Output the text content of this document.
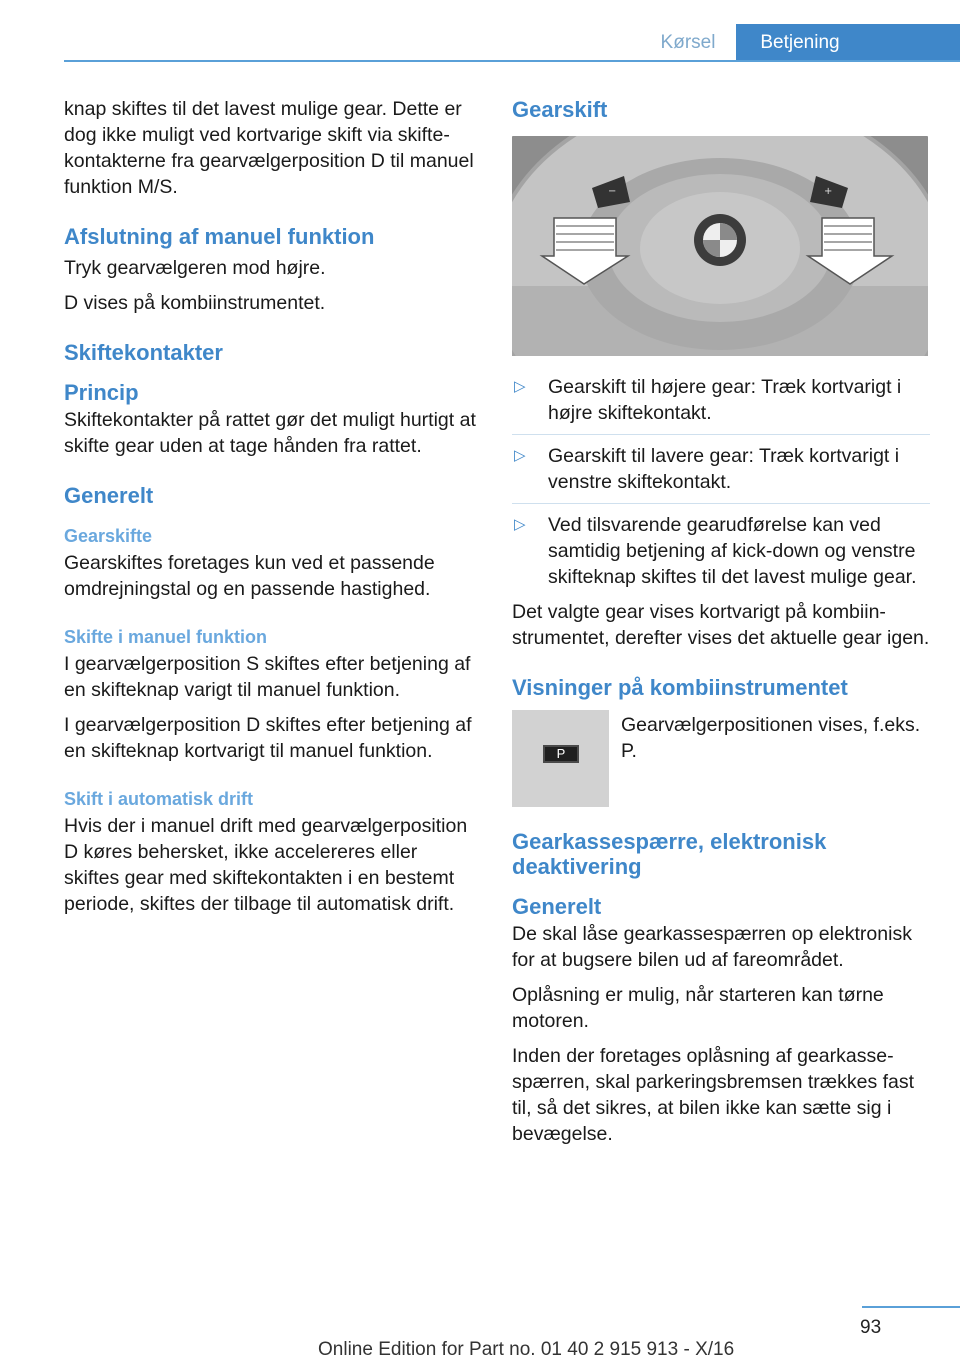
Kørsel	Betjening

knap skiftes til det lavest mulige gear. Dette er dog ikke muligt ved kortvarige skift via skiftekontakterne fra gearvælgerposition D til manuel funktion M/S.

Afslutning af manuel funktion

Tryk gearvælgeren mod højre.

D vises på kombiinstrumentet.

Skiftekontakter
Princip

Skiftekontakter på rattet gør det muligt hurtigt at skifte gear uden at tage hånden fra rattet.

Generelt
Gearskifte

Gearskiftes foretages kun ved et passende omdrejningstal og en passende hastighed.

Skifte i manuel funktion

I gearvælgerposition S skiftes efter betjening af en skifteknap varigt til manuel funktion.

I gearvælgerposition D skiftes efter betjening af en skifteknap kortvarigt til manuel funktion.

Skift i automatisk drift

Hvis der i manuel drift med gearvælgerposition D køres behersket, ikke accelereres eller skiftes gear med skiftekontakten i en bestemt periode, skiftes der tilbage til automatisk drift.

Gearskift
−	+
▷	Gearskift til højere gear: Træk kortvarigt i højre skiftekontakt.
▷	Gearskift til lavere gear: Træk kortvarigt i venstre skiftekontakt.
▷	Ved tilsvarende gearudførelse kan ved samtidig betjening af kick-down og venstre skifteknap skiftes til det lavest mulige gear.

Det valgte gear vises kortvarigt på kombiinstrumentet, derefter vises det aktuelle gear igen.

Visninger på kombiinstrumentet
P
Gearvælgerpositionen vises, f.eks. P.
Gearkassespærre, elektronisk deaktivering
Generelt

De skal låse gearkassespærren op elektronisk for at bugsere bilen ud af fareområdet.

Oplåsning er mulig, når starteren kan tørne motoren.

Inden der foretages oplåsning af gearkassespærren, skal parkeringsbremsen trækkes fast til, så det sikres, at bilen ikke kan sætte sig i bevægelse.

93
Online Edition for Part no. 01 40 2 915 913 - X/16
